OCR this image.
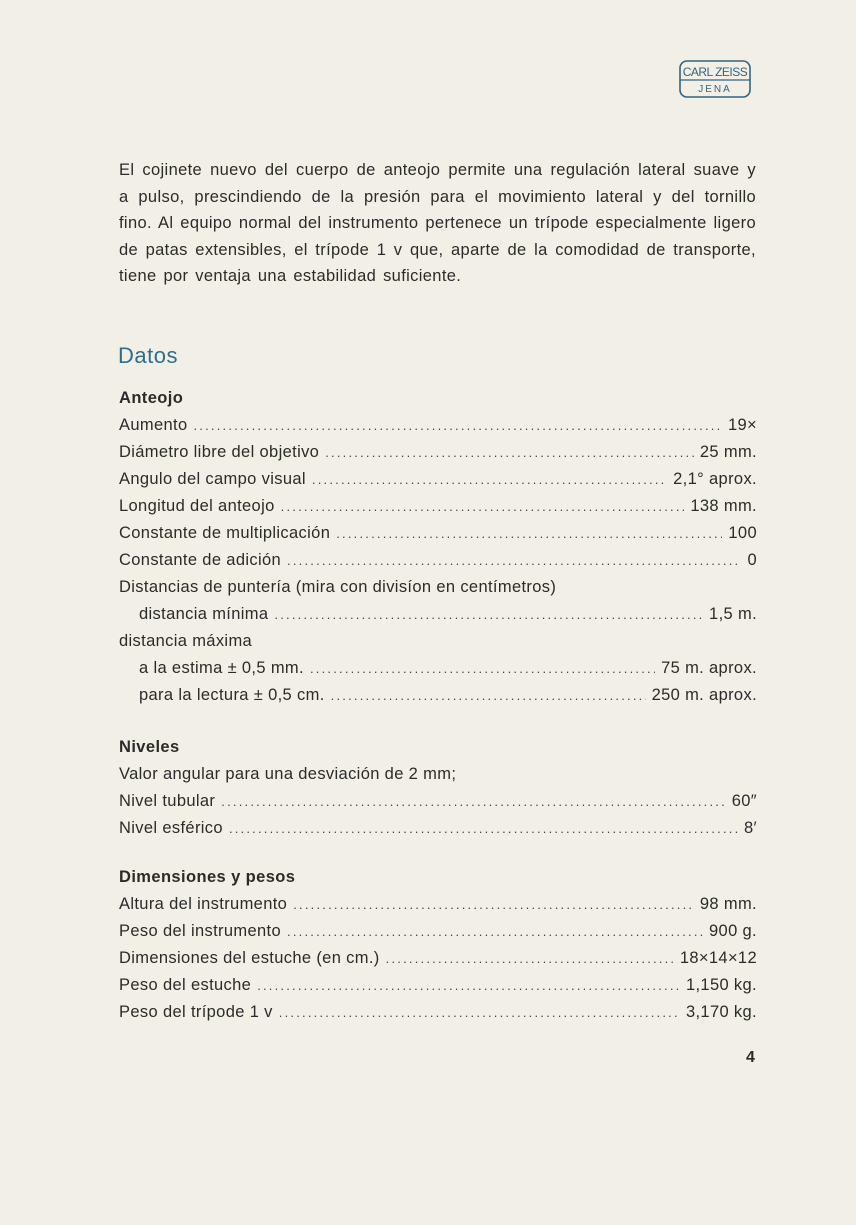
CARL ZEISS
JENA

El cojinete nuevo del cuerpo de anteojo permite una regulación lateral suave y a pulso, prescindiendo de la presión para el movimiento lateral y del tornillo fino. Al equipo normal del instrumento pertenece un trípode especialmente ligero de patas extensibles, el trípode 1 v que, aparte de la comodidad de transporte, tiene por ventaja una estabilidad suficiente.

Datos
Anteojo
Aumento .....	19×
Diámetro libre del objetivo .....	25 mm.
Angulo del campo visual .....	2,1° aprox.
Longitud del anteojo .....	138 mm.
Constante de multiplicación .....	100
Constante de adición .....	0
Distancias de puntería (mira con divisíon en centímetros)
distancia mínima .....	1,5 m.
distancia máxima
a la estima ± 0,5 mm. .....	75 m. aprox.
para la lectura ± 0,5 cm. .....	250 m. aprox.
Niveles
Valor angular para una desviación de 2 mm;
Nivel tubular .....	60″
Nivel esférico .....	8′
Dimensiones y pesos
Altura del instrumento .....	98 mm.
Peso del instrumento .....	900 g.
Dimensiones del estuche (en cm.) .....	18×14×12
Peso del estuche .....	1,150 kg.
Peso del trípode 1 v .....	3,170 kg.
4
